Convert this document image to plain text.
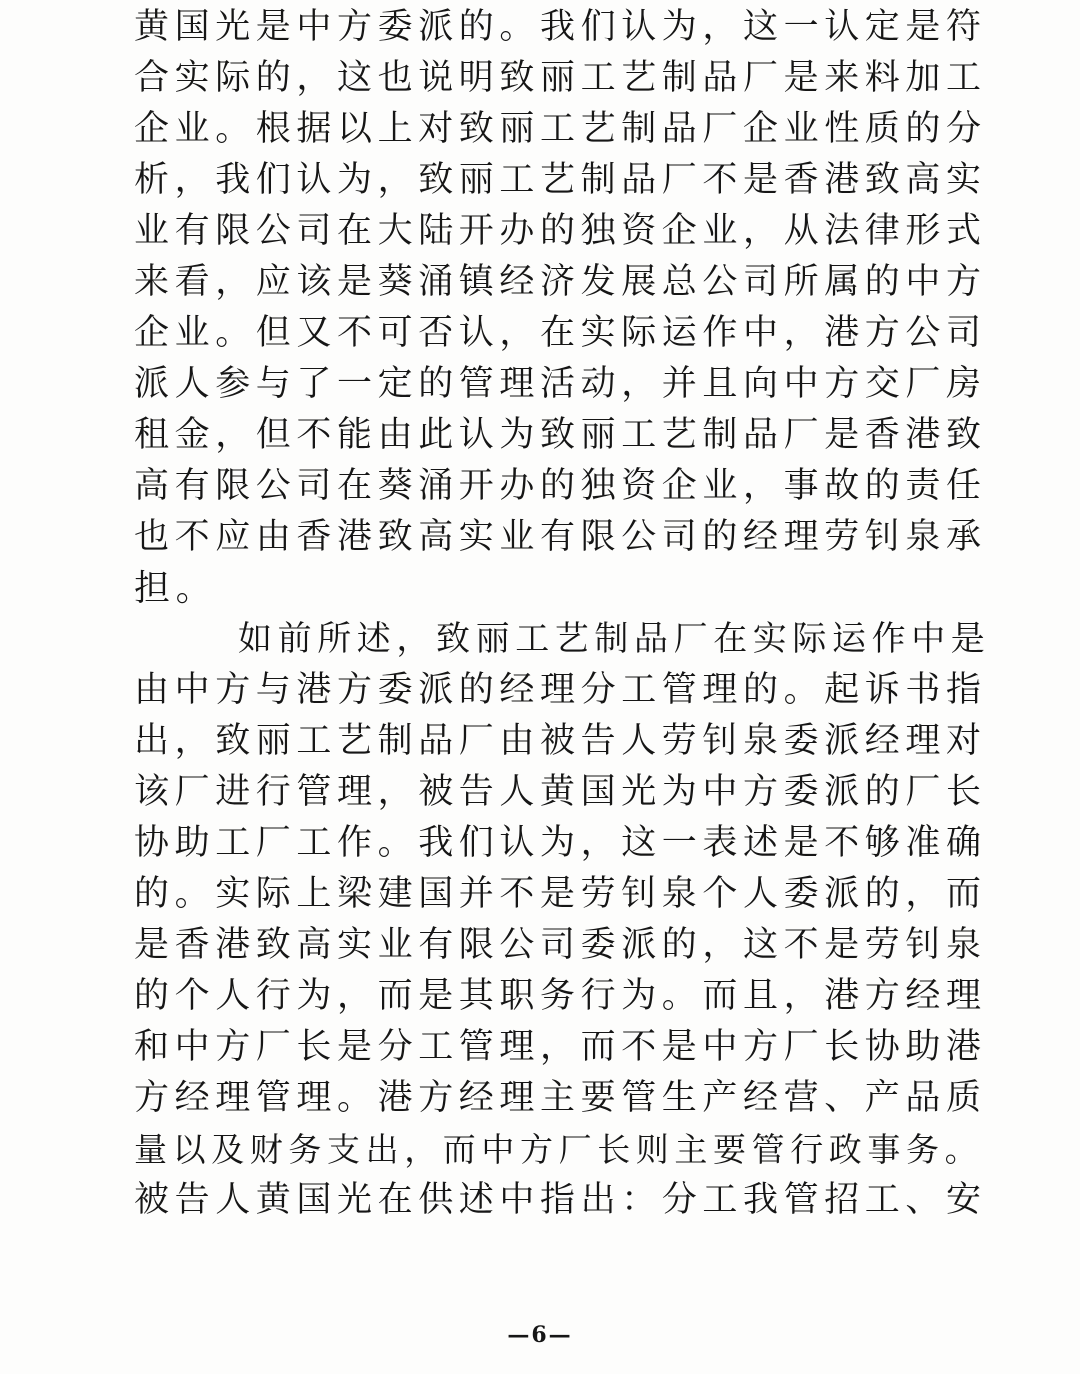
黄国光是中方委派的。我们认为，这一认定是符
合实际的，这也说明致丽工艺制品厂是来料加工
企业。根据以上对致丽工艺制品厂企业性质的分
析，我们认为，致丽工艺制品厂不是香港致高实
业有限公司在大陆开办的独资企业，从法律形式
来看，应该是葵涌镇经济发展总公司所属的中方
企业。但又不可否认，在实际运作中，港方公司
派人参与了一定的管理活动，并且向中方交厂房
租金，但不能由此认为致丽工艺制品厂是香港致
高有限公司在葵涌开办的独资企业，事故的责任
也不应由香港致高实业有限公司的经理劳钊泉承
担。
如前所述，致丽工艺制品厂在实际运作中是
由中方与港方委派的经理分工管理的。起诉书指
出，致丽工艺制品厂由被告人劳钊泉委派经理对
该厂进行管理，被告人黄国光为中方委派的厂长
协助工厂工作。我们认为，这一表述是不够准确
的。实际上梁建国并不是劳钊泉个人委派的，而
是香港致高实业有限公司委派的，这不是劳钊泉
的个人行为，而是其职务行为。而且，港方经理
和中方厂长是分工管理，而不是中方厂长协助港
方经理管理。港方经理主要管生产经营、产品质
量以及财务支出，而中方厂长则主要管行政事务。
被告人黄国光在供述中指出：分工我管招工、安
—6—
